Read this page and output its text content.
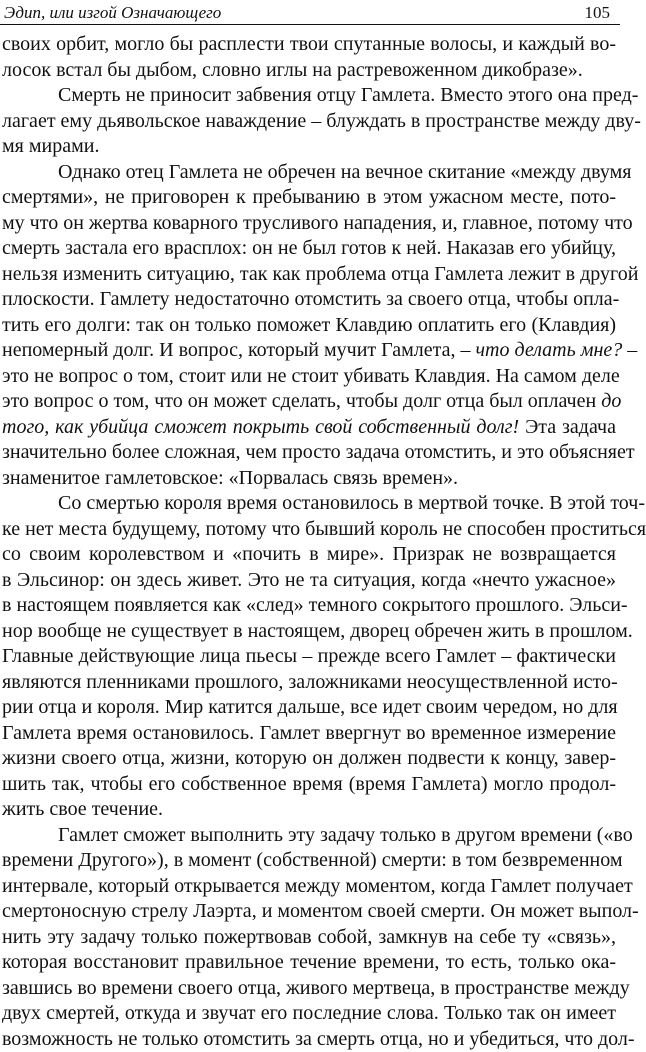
Эдип, или изгой Означающего	105
своих орбит, могло бы расплести твои спутанные волосы, и каждый во-
лосок встал бы дыбом, словно иглы на растревоженном дикобразе».
Смерть не приносит забвения отцу Гамлета. Вместо этого она пред-
лагает ему дьявольское наваждение – блуждать в пространстве между дву-
мя мирами.
Однако отец Гамлета не обречен на вечное скитание «между двумя
смертями», не приговорен к пребыванию в этом ужасном месте, пото-
му что он жертва коварного трусливого нападения, и, главное, потому что
смерть застала его врасплох: он не был готов к ней. Наказав его убийцу,
нельзя изменить ситуацию, так как проблема отца Гамлета лежит в другой
плоскости. Гамлету недостаточно отомстить за своего отца, чтобы опла-
тить его долги: так он только поможет Клавдию оплатить его (Клавдия)
непомерный долг. И вопрос, который мучит Гамлета, – что делать мне? –
это не вопрос о том, стоит или не стоит убивать Клавдия. На самом деле
это вопрос о том, что он может сделать, чтобы долг отца был оплачен до
того, как убийца сможет покрыть свой собственный долг! Эта задача
значительно более сложная, чем просто задача отомстить, и это объясняет
знаменитое гамлетовское: «Порвалась связь времен».
Со смертью короля время остановилось в мертвой точке. В этой точ-
ке нет места будущему, потому что бывший король не способен проститься
со своим королевством и «почить в мире». Призрак не возвращается
в Эльсинор: он здесь живет. Это не та ситуация, когда «нечто ужасное»
в настоящем появляется как «след» темного сокрытого прошлого. Эльси-
нор вообще не существует в настоящем, дворец обречен жить в прошлом.
Главные действующие лица пьесы – прежде всего Гамлет – фактически
являются пленниками прошлого, заложниками неосуществленной исто-
рии отца и короля. Мир катится дальше, все идет своим чередом, но для
Гамлета время остановилось. Гамлет ввергнут во временное измерение
жизни своего отца, жизни, которую он должен подвести к концу, завер-
шить так, чтобы его собственное время (время Гамлета) могло продол-
жить свое течение.
Гамлет сможет выполнить эту задачу только в другом времени («во
времени Другого»), в момент (собственной) смерти: в том безвременном
интервале, который открывается между моментом, когда Гамлет получает
смертоносную стрелу Лаэрта, и моментом своей смерти. Он может выпол-
нить эту задачу только пожертвовав собой, замкнув на себе ту «связь»,
которая восстановит правильное течение времени, то есть, только ока-
завшись во времени своего отца, живого мертвеца, в пространстве между
двух смертей, откуда и звучат его последние слова. Только так он имеет
возможность не только отомстить за смерть отца, но и убедиться, что дол-
